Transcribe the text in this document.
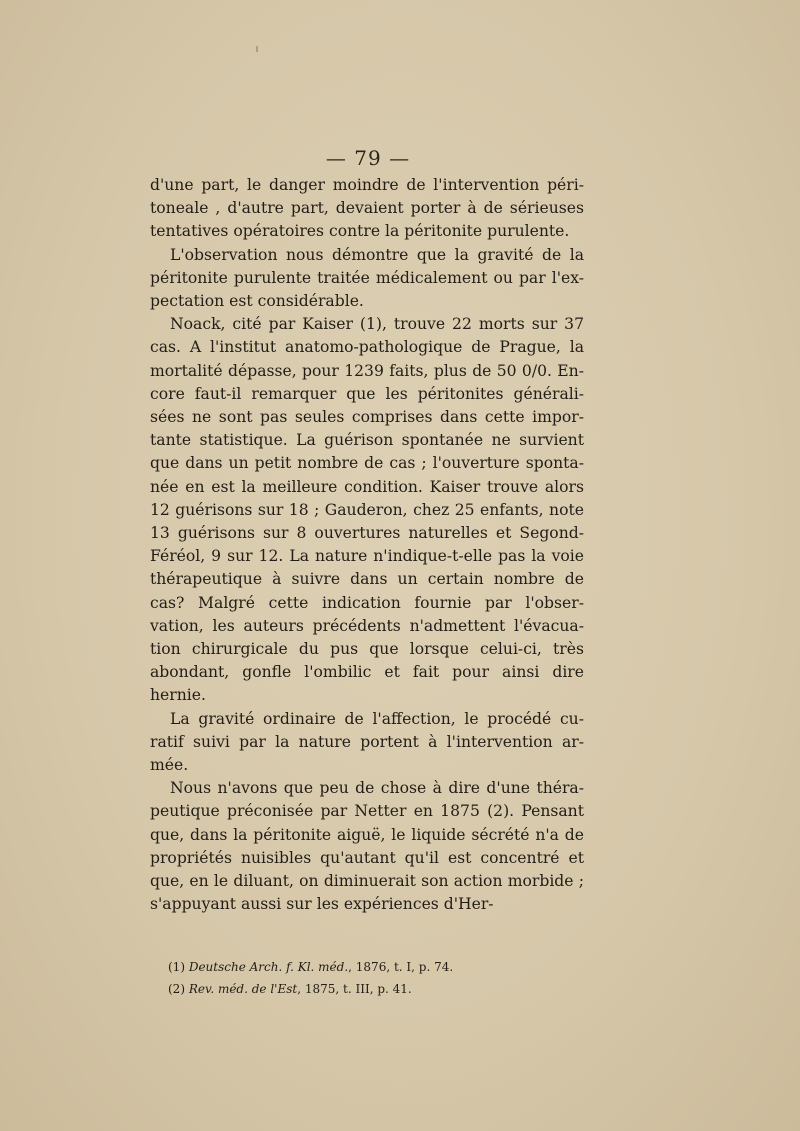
— 79 —

d'une part, le danger moindre de l'intervention péri-toneale , d'autre part, devaient porter à de sérieuses tentatives opératoires contre la péritonite purulente.

L'observation nous démontre que la gravité de la péritonite purulente traitée médicalement ou par l'ex-pectation est considérable.

Noack, cité par Kaiser (1), trouve 22 morts sur 37 cas. A l'institut anatomo-pathologique de Prague, la mortalité dépasse, pour 1239 faits, plus de 50 0/0. En-core faut-il remarquer que les péritonites générali-sées ne sont pas seules comprises dans cette impor-tante statistique. La guérison spontanée ne survient que dans un petit nombre de cas ; l'ouverture sponta-née en est la meilleure condition. Kaiser trouve alors 12 guérisons sur 18 ; Gauderon, chez 25 enfants, note 13 guérisons sur 8 ouvertures naturelles et Segond-Féréol, 9 sur 12. La nature n'indique-t-elle pas la voie thérapeutique à suivre dans un certain nombre de cas? Malgré cette indication fournie par l'obser-vation, les auteurs précédents n'admettent l'évacua-tion chirurgicale du pus que lorsque celui-ci, très abondant, gonfle l'ombilic et fait pour ainsi dire hernie.

La gravité ordinaire de l'affection, le procédé cu-ratif suivi par la nature portent à l'intervention ar-mée.

Nous n'avons que peu de chose à dire d'une théra-peutique préconisée par Netter en 1875 (2). Pensant que, dans la péritonite aiguë, le liquide sécrété n'a de propriétés nuisibles qu'autant qu'il est concentré et que, en le diluant, on diminuerait son action morbide ; s'appuyant aussi sur les expériences d'Her-

(1) Deutsche Arch. f. Kl. méd., 1876, t. I, p. 74.
(2) Rev. méd. de l'Est, 1875, t. III, p. 41.
